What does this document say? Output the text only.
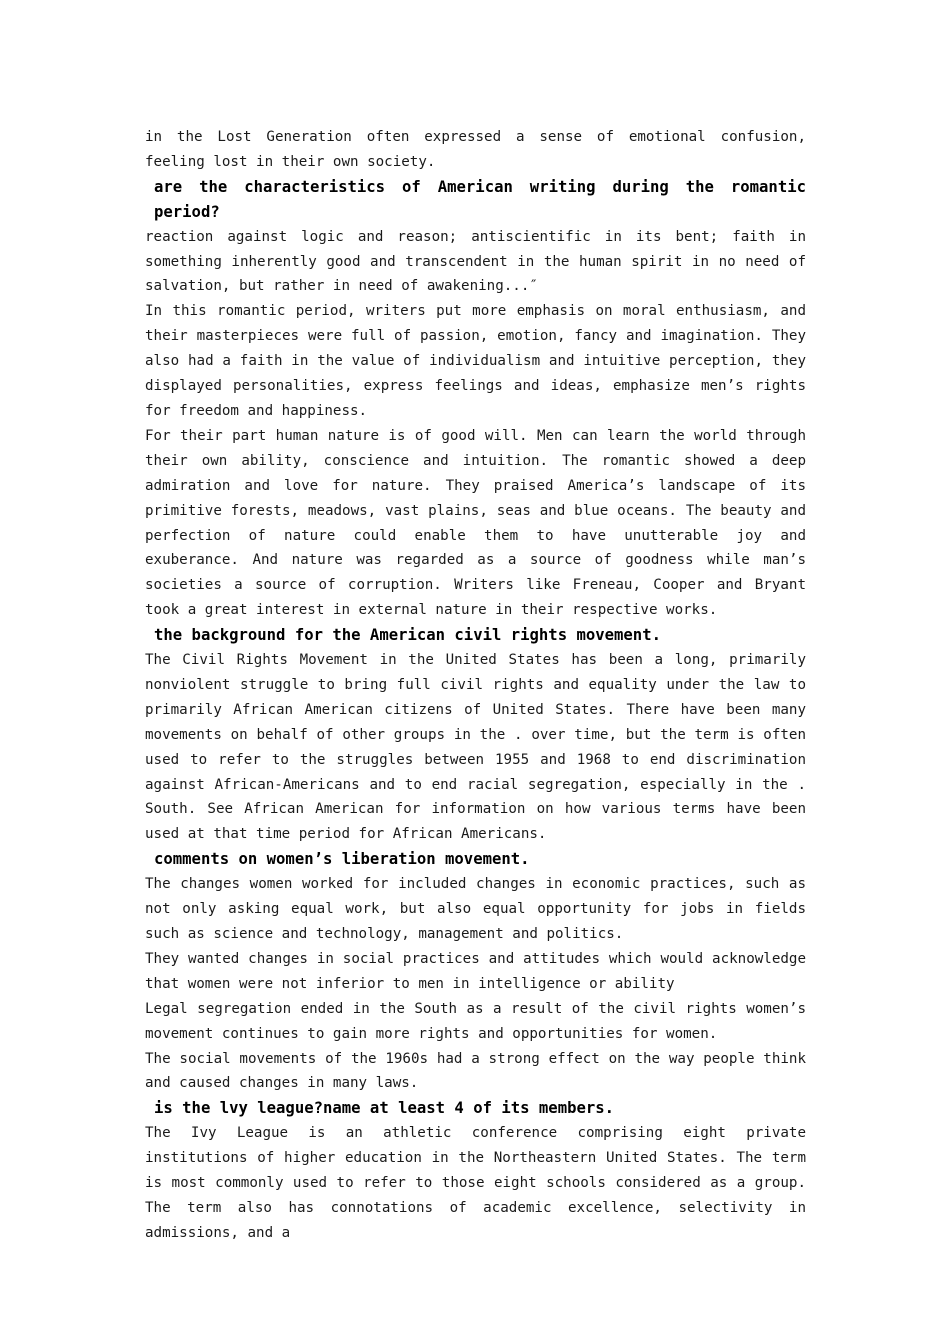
in the Lost Generation often expressed a sense of emotional confusion, feeling lost in their own society.

are the characteristics of American writing during the romantic period?

reaction against logic and reason; antiscientific in its bent; faith in something inherently good and transcendent in the human spirit in no need of salvation, but rather in need of awakening...″

In this romantic period, writers put more emphasis on moral enthusiasm, and their masterpieces were full of passion, emotion, fancy and imagination. They also had a faith in the value of individualism and intuitive perception, they displayed personalities, express feelings and ideas, emphasize men’s rights for freedom and happiness.

For their part human nature is of good will. Men can learn the world through their own ability, conscience and intuition. The romantic showed a deep admiration and love for nature. They praised America’s landscape of its primitive forests, meadows, vast plains, seas and blue oceans. The beauty and perfection of nature could enable them to have unutterable joy and exuberance. And nature was regarded as a source of goodness while man’s societies a source of corruption. Writers like Freneau, Cooper and Bryant took a great interest in external nature in their respective works.

the background for the American civil rights movement.

The Civil Rights Movement in the United States has been a long, primarily nonviolent struggle to bring full civil rights and equality under the law to primarily African American citizens of United States. There have been many movements on behalf of other groups in the . over time, but the term is often used to refer to the struggles between 1955 and 1968 to end discrimination against African-Americans and to end racial segregation, especially in the . South. See African American for information on how various terms have been used at that time period for African Americans.

comments on women’s liberation movement.

The changes women worked for included changes in economic practices, such as not only asking equal work, but also equal opportunity for jobs in fields such as science and technology, management and politics.

They wanted changes in social practices and attitudes which would acknowledge that women were not inferior to men in intelligence or ability

Legal segregation ended in the South as a result of the civil rights women’s movement continues to gain more rights and opportunities for women.

The social movements of the 1960s had a strong effect on the way people think and caused changes in many laws.

is the lvy league?name at least 4 of its members.

The Ivy League is an athletic conference comprising eight private institutions of higher education in the Northeastern United States. The term is most commonly used to refer to those eight schools considered as a group. The term also has connotations of academic excellence, selectivity in admissions, and a
